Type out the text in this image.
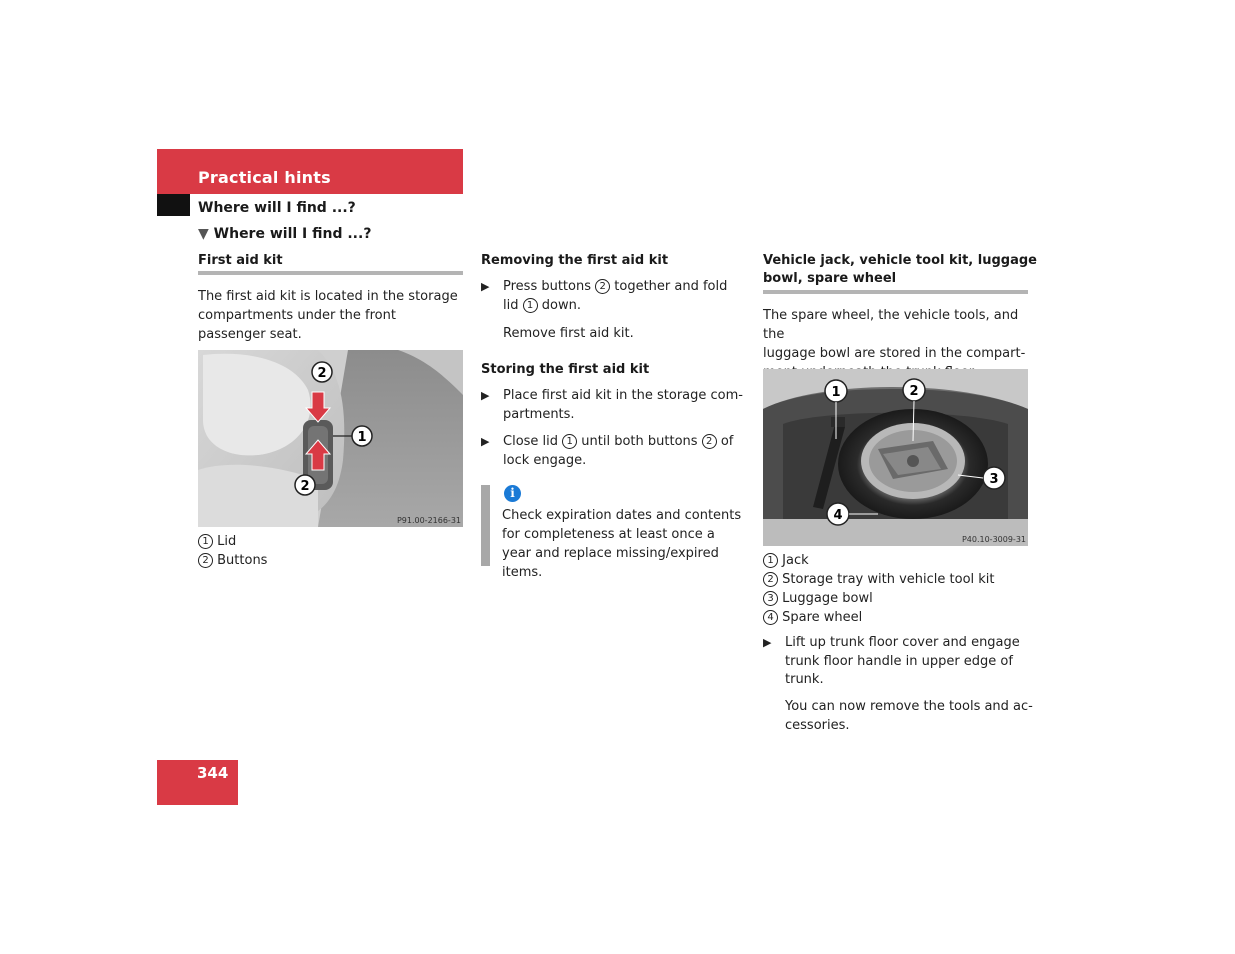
Practical hints
Where will I find ...?
▼ Where will I find ...?
First aid kit
The first aid kit is located in the storage compartments under the front passenger seat.
2
1
2
P91.00-2166-31
1 Lid
2 Buttons
Removing the first aid kit
▶ Press buttons 2 together and fold
lid 1 down.
Remove first aid kit.
Storing the first aid kit
▶ Place first aid kit in the storage com-
partments.
▶ Close lid 1 until both buttons 2 of
lock engage.
i
Check expiration dates and contents for completeness at least once a year and replace missing/expired items.
Vehicle jack, vehicle tool kit, luggage
bowl, spare wheel
The spare wheel, the vehicle tools, and the
luggage bowl are stored in the compart-
1	2
3
4
P40.10-3009-31
1 Jack
2 Storage tray with vehicle tool kit
3 Luggage bowl
4 Spare wheel
▶ Lift up trunk floor cover and engage
trunk floor handle in upper edge of
trunk.
You can now remove the tools and ac-
cessories.
344
